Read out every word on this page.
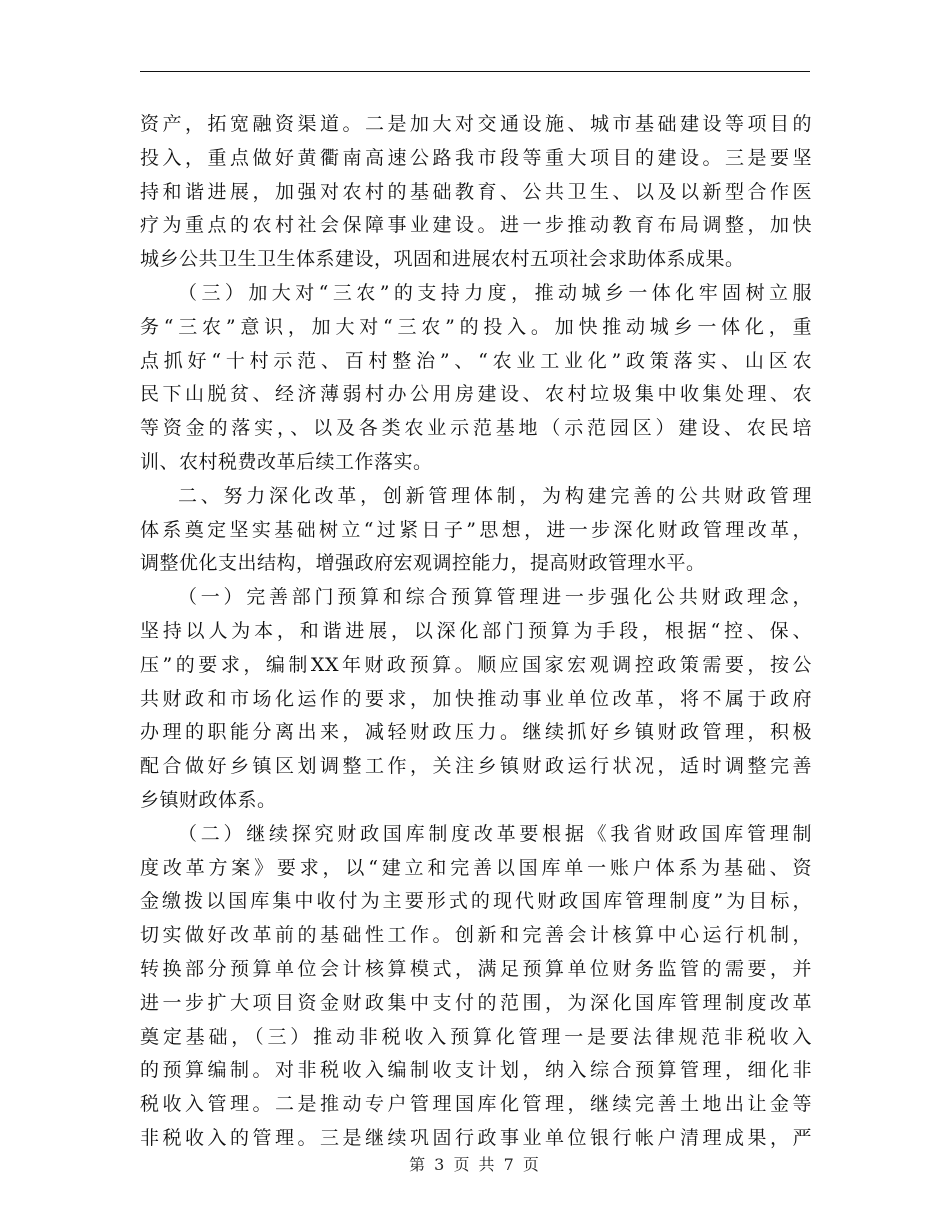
资产，拓宽融资渠道。二是加大对交通设施、城市基础建设等项目的
投入，重点做好黄衢南高速公路我市段等重大项目的建设。三是要坚
持和谐进展，加强对农村的基础教育、公共卫生、以及以新型合作医
疗为重点的农村社会保障事业建设。进一步推动教育布局调整，加快
城乡公共卫生卫生体系建设，巩固和进展农村五项社会求助体系成果。
（三）加大对“三农”的支持力度，推动城乡一体化牢固树立服
务“三农”意识，加大对“三农”的投入。加快推动城乡一体化，重
点抓好“十村示范、百村整治”、“农业工业化”政策落实、山区农
民下山脱贫、经济薄弱村办公用房建设、农村垃圾集中收集处理、农
等资金的落实，、以及各类农业示范基地（示范园区）建设、农民培
训、农村税费改革后续工作落实。
二、努力深化改革，创新管理体制，为构建完善的公共财政管理
体系奠定坚实基础树立“过紧日子”思想，进一步深化财政管理改革，
调整优化支出结构，增强政府宏观调控能力，提高财政管理水平。
（一）完善部门预算和综合预算管理进一步强化公共财政理念，
坚持以人为本，和谐进展，以深化部门预算为手段，根据“控、保、
压”的要求，编制XX年财政预算。顺应国家宏观调控政策需要，按公
共财政和市场化运作的要求，加快推动事业单位改革，将不属于政府
办理的职能分离出来，减轻财政压力。继续抓好乡镇财政管理，积极
配合做好乡镇区划调整工作，关注乡镇财政运行状况，适时调整完善
乡镇财政体系。
（二）继续探究财政国库制度改革要根据《我省财政国库管理制
度改革方案》要求，以“建立和完善以国库单一账户体系为基础、资
金缴拨以国库集中收付为主要形式的现代财政国库管理制度”为目标，
切实做好改革前的基础性工作。创新和完善会计核算中心运行机制，
转换部分预算单位会计核算模式，满足预算单位财务监管的需要，并
进一步扩大项目资金财政集中支付的范围，为深化国库管理制度改革
奠定基础，（三）推动非税收入预算化管理一是要法律规范非税收入
的预算编制。对非税收入编制收支计划，纳入综合预算管理，细化非
税收入管理。二是推动专户管理国库化管理，继续完善土地出让金等
非税收入的管理。三是继续巩固行政事业单位银行帐户清理成果，严
第 3 页 共 7 页
